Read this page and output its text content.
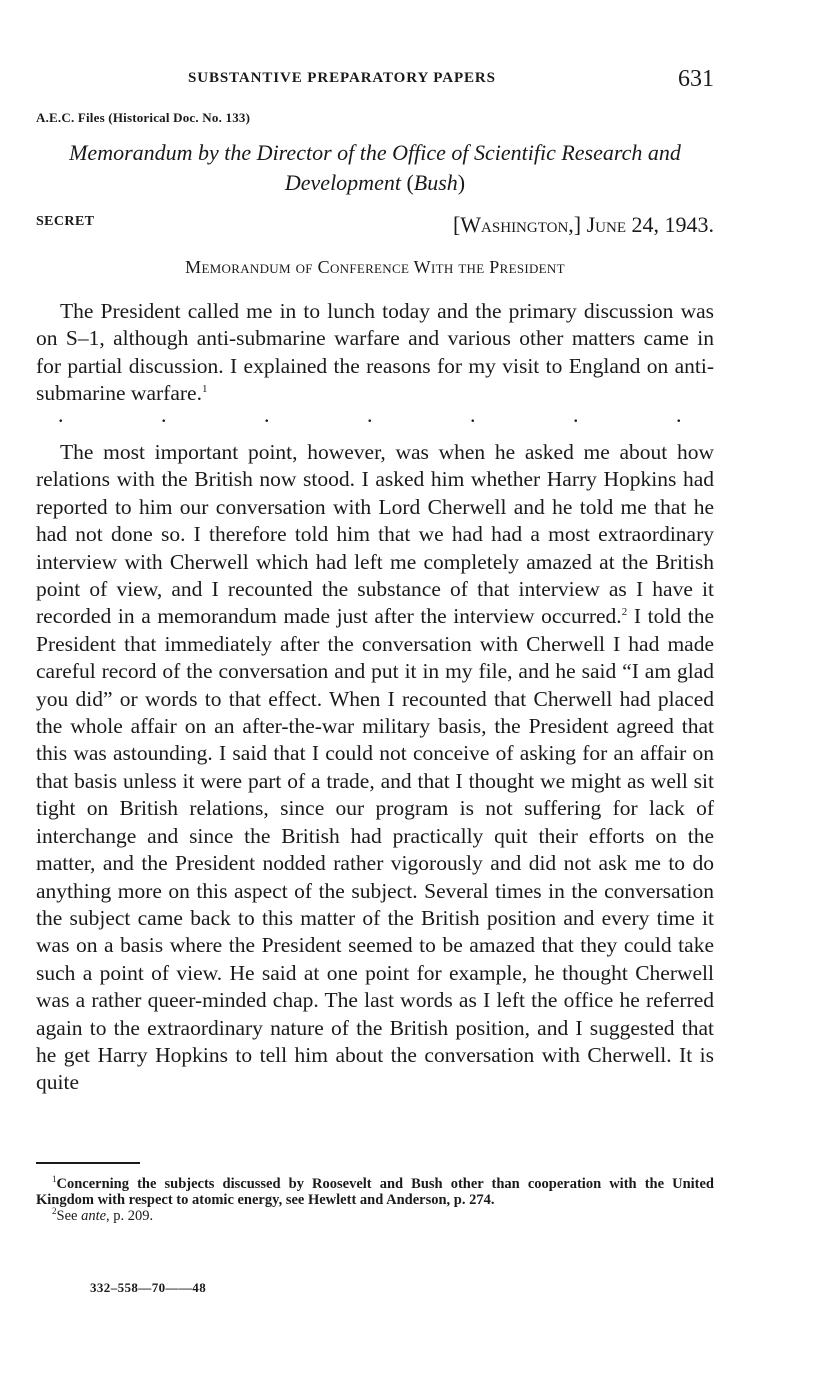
SUBSTANTIVE PREPARATORY PAPERS	631
A.E.C. Files (Historical Doc. No. 133)
Memorandum by the Director of the Office of Scientific Research and
Development (Bush)
SECRET	[Washington,] June 24, 1943.
Memorandum of Conference With the President

The President called me in to lunch today and the primary discussion was on S–1, although anti-submarine warfare and various other matters came in for partial discussion. I explained the reasons for my visit to England on anti-submarine warfare.$^1$

.	.	.	.	.	.	.

The most important point, however, was when he asked me about how relations with the British now stood. I asked him whether Harry Hopkins had reported to him our conversation with Lord Cherwell and he told me that he had not done so. I therefore told him that we had had a most extraordinary interview with Cherwell which had left me completely amazed at the British point of view, and I recounted the substance of that interview as I have it recorded in a memorandum made just after the interview occurred.$^2$ I told the President that immediately after the conversation with Cherwell I had made careful record of the conversation and put it in my file, and he said “I am glad you did” or words to that effect. When I recounted that Cherwell had placed the whole affair on an after-the-war military basis, the President agreed that this was astounding. I said that I could not conceive of asking for an affair on that basis unless it were part of a trade, and that I thought we might as well sit tight on British relations, since our program is not suffering for lack of interchange and since the British had practically quit their efforts on the matter, and the President nodded rather vigorously and did not ask me to do anything more on this aspect of the subject. Several times in the conversation the subject came back to this matter of the British position and every time it was on a basis where the President seemed to be amazed that they could take such a point of view. He said at one point for example, he thought Cherwell was a rather queer-minded chap. The last words as I left the office he referred again to the extraordinary nature of the British position, and I suggested that he get Harry Hopkins to tell him about the conversation with Cherwell. It is quite

$^1$Concerning the subjects discussed by Roosevelt and Bush other than cooperation with the United Kingdom with respect to atomic energy, see Hewlett and Anderson, p. 274.

$^2$See ante, p. 209.

332–558—70——48
